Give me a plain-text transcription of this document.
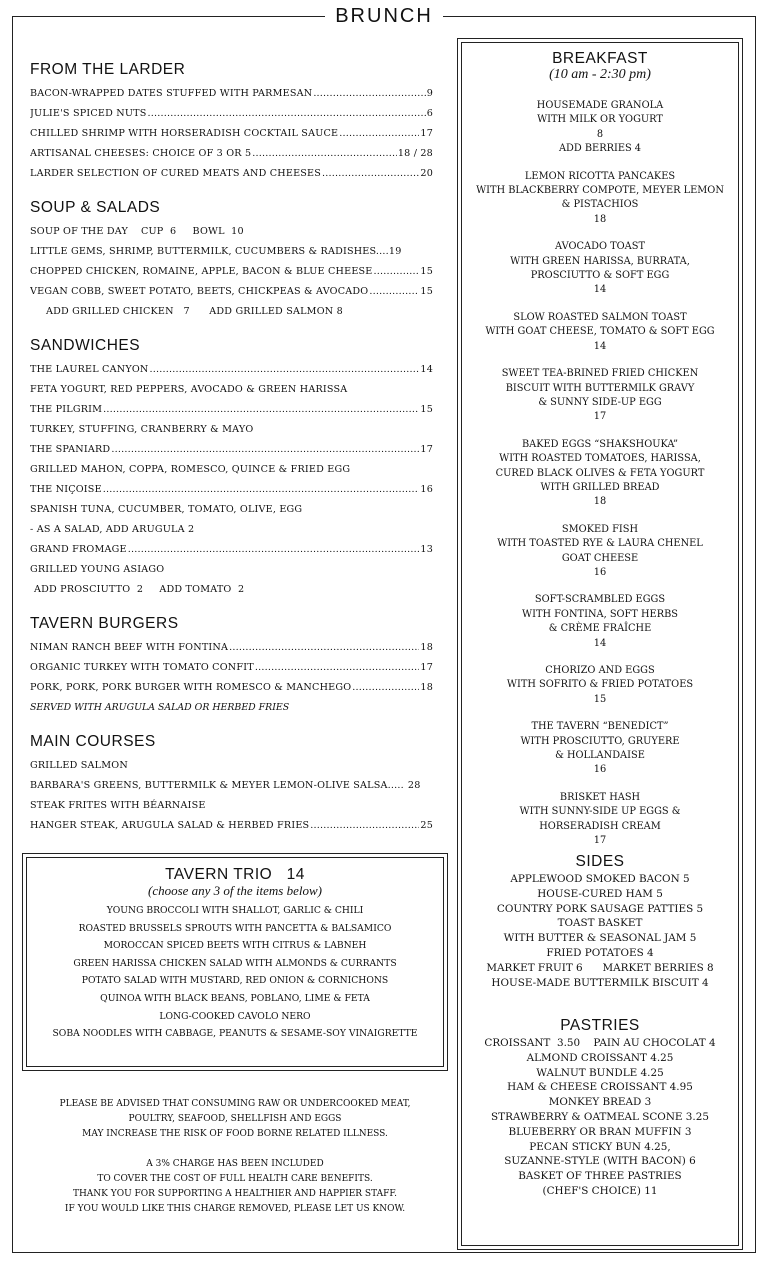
BRUNCH
FROM THE LARDER
BACON-WRAPPED DATES STUFFED WITH PARMESAN .....	9
JULIE'S SPICED NUTS .....	6
CHILLED SHRIMP WITH HORSERADISH COCKTAIL SAUCE .....	17
ARTISANAL CHEESES: CHOICE OF 3 OR 5 .....	18 / 28
LARDER SELECTION OF CURED MEATS AND CHEESES .....	20
SOUP & SALADS
SOUP OF THE DAY    CUP  6     BOWL  10
LITTLE GEMS, SHRIMP, BUTTERMILK, CUCUMBERS & RADISHES....19
CHOPPED CHICKEN, ROMAINE, APPLE, BACON & BLUE CHEESE .....	15
VEGAN COBB, SWEET POTATO, BEETS, CHICKPEAS & AVOCADO .....	15
ADD GRILLED CHICKEN   7      ADD GRILLED SALMON 8
SANDWICHES
THE LAUREL CANYON .....	14
FETA YOGURT, RED PEPPERS, AVOCADO & GREEN HARISSA
THE PILGRIM .....	15
TURKEY, STUFFING, CRANBERRY & MAYO
THE SPANIARD .....	17
GRILLED MAHON, COPPA, ROMESCO, QUINCE & FRIED EGG
THE NIÇOISE .....	16
SPANISH TUNA, CUCUMBER, TOMATO, OLIVE, EGG
- AS A SALAD, ADD ARUGULA 2
GRAND FROMAGE .....	13
GRILLED YOUNG ASIAGO
ADD PROSCIUTTO  2     ADD TOMATO  2
TAVERN BURGERS
NIMAN RANCH BEEF WITH FONTINA .....	18
ORGANIC TURKEY WITH TOMATO CONFIT .....	17
PORK, PORK, PORK BURGER WITH ROMESCO & MANCHEGO .....	18
SERVED WITH ARUGULA SALAD OR HERBED FRIES
MAIN COURSES
GRILLED SALMON
BARBARA'S GREENS, BUTTERMILK & MEYER LEMON-OLIVE SALSA..... 28
STEAK FRITES WITH BÉARNAISE
HANGER STEAK, ARUGULA SALAD & HERBED FRIES .....	25
TAVERN TRIO   14
(choose any 3 of the items below)
YOUNG BROCCOLI WITH SHALLOT, GARLIC & CHILI
ROASTED BRUSSELS SPROUTS WITH PANCETTA & BALSAMICO
MOROCCAN SPICED BEETS WITH CITRUS & LABNEH
GREEN HARISSA CHICKEN SALAD WITH ALMONDS & CURRANTS
POTATO SALAD WITH MUSTARD, RED ONION & CORNICHONS
QUINOA WITH BLACK BEANS, POBLANO, LIME & FETA
LONG-COOKED CAVOLO NERO
SOBA NOODLES WITH CABBAGE, PEANUTS & SESAME-SOY VINAIGRETTE
PLEASE BE ADVISED THAT CONSUMING RAW OR UNDERCOOKED MEAT,
POULTRY, SEAFOOD, SHELLFISH AND EGGS
MAY INCREASE THE RISK OF FOOD BORNE RELATED ILLNESS.
A 3% CHARGE HAS BEEN INCLUDED
TO COVER THE COST OF FULL HEALTH CARE BENEFITS.
THANK YOU FOR SUPPORTING A HEALTHIER AND HAPPIER STAFF.
IF YOU WOULD LIKE THIS CHARGE REMOVED, PLEASE LET US KNOW.
BREAKFAST
(10 am - 2:30 pm)
HOUSEMADE GRANOLA
WITH MILK OR YOGURT
8
ADD BERRIES 4
LEMON RICOTTA PANCAKES
WITH BLACKBERRY COMPOTE, MEYER LEMON
& PISTACHIOS
18
AVOCADO TOAST
WITH GREEN HARISSA, BURRATA,
PROSCIUTTO & SOFT EGG
14
SLOW ROASTED SALMON TOAST
WITH GOAT CHEESE, TOMATO & SOFT EGG
14
SWEET TEA-BRINED FRIED CHICKEN
BISCUIT WITH BUTTERMILK GRAVY
& SUNNY SIDE-UP EGG
17
BAKED EGGS “SHAKSHOUKA”
WITH ROASTED TOMATOES, HARISSA,
CURED BLACK OLIVES & FETA YOGURT
WITH GRILLED BREAD
18
SMOKED FISH
WITH TOASTED RYE & LAURA CHENEL
GOAT CHEESE
16
SOFT-SCRAMBLED EGGS
WITH FONTINA, SOFT HERBS
& CRÈME FRAÎCHE
14
CHORIZO AND EGGS
WITH SOFRITO & FRIED POTATOES
15
THE TAVERN “BENEDICT”
WITH PROSCIUTTO, GRUYERE
& HOLLANDAISE
16
BRISKET HASH
WITH SUNNY-SIDE UP EGGS &
HORSERADISH CREAM
17
SIDES
APPLEWOOD SMOKED BACON 5
HOUSE-CURED HAM 5
COUNTRY PORK SAUSAGE PATTIES 5
TOAST BASKET
WITH BUTTER & SEASONAL JAM 5
FRIED POTATOES 4
MARKET FRUIT 6      MARKET BERRIES 8
HOUSE-MADE BUTTERMILK BISCUIT 4
PASTRIES
CROISSANT  3.50    PAIN AU CHOCOLAT 4
ALMOND CROISSANT 4.25
WALNUT BUNDLE 4.25
HAM & CHEESE CROISSANT 4.95
MONKEY BREAD 3
STRAWBERRY & OATMEAL SCONE 3.25
BLUEBERRY OR BRAN MUFFIN 3
PECAN STICKY BUN 4.25,
SUZANNE-STYLE (WITH BACON) 6
BASKET OF THREE PASTRIES
(CHEF'S CHOICE) 11
